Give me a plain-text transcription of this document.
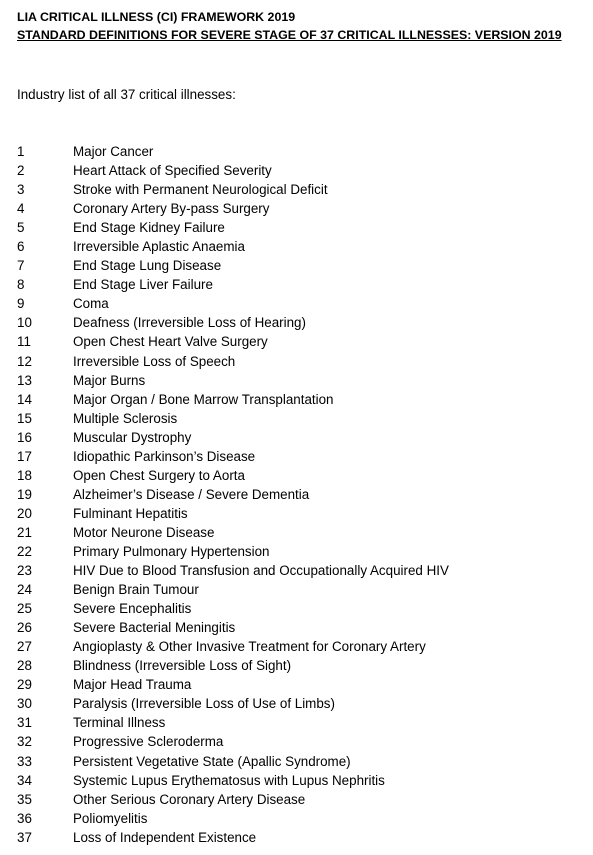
LIA CRITICAL ILLNESS (CI) FRAMEWORK 2019
STANDARD DEFINITIONS FOR SEVERE STAGE OF 37 CRITICAL ILLNESSES: VERSION 2019
Industry list of all 37 critical illnesses:
1	Major Cancer
2	Heart Attack of Specified Severity
3	Stroke with Permanent Neurological Deficit
4	Coronary Artery By-pass Surgery
5	End Stage Kidney Failure
6	Irreversible Aplastic Anaemia
7	End Stage Lung Disease
8	End Stage Liver Failure
9	Coma
10	Deafness (Irreversible Loss of Hearing)
11	Open Chest Heart Valve Surgery
12	Irreversible Loss of Speech
13	Major Burns
14	Major Organ / Bone Marrow Transplantation
15	Multiple Sclerosis
16	Muscular Dystrophy
17	Idiopathic Parkinson’s Disease
18	Open Chest Surgery to Aorta
19	Alzheimer’s Disease / Severe Dementia
20	Fulminant Hepatitis
21	Motor Neurone Disease
22	Primary Pulmonary Hypertension
23	HIV Due to Blood Transfusion and Occupationally Acquired HIV
24	Benign Brain Tumour
25	Severe Encephalitis
26	Severe Bacterial Meningitis
27	Angioplasty & Other Invasive Treatment for Coronary Artery
28	Blindness (Irreversible Loss of Sight)
29	Major Head Trauma
30	Paralysis (Irreversible Loss of Use of Limbs)
31	Terminal Illness
32	Progressive Scleroderma
33	Persistent Vegetative State (Apallic Syndrome)
34	Systemic Lupus Erythematosus with Lupus Nephritis
35	Other Serious Coronary Artery Disease
36	Poliomyelitis
37	Loss of Independent Existence
